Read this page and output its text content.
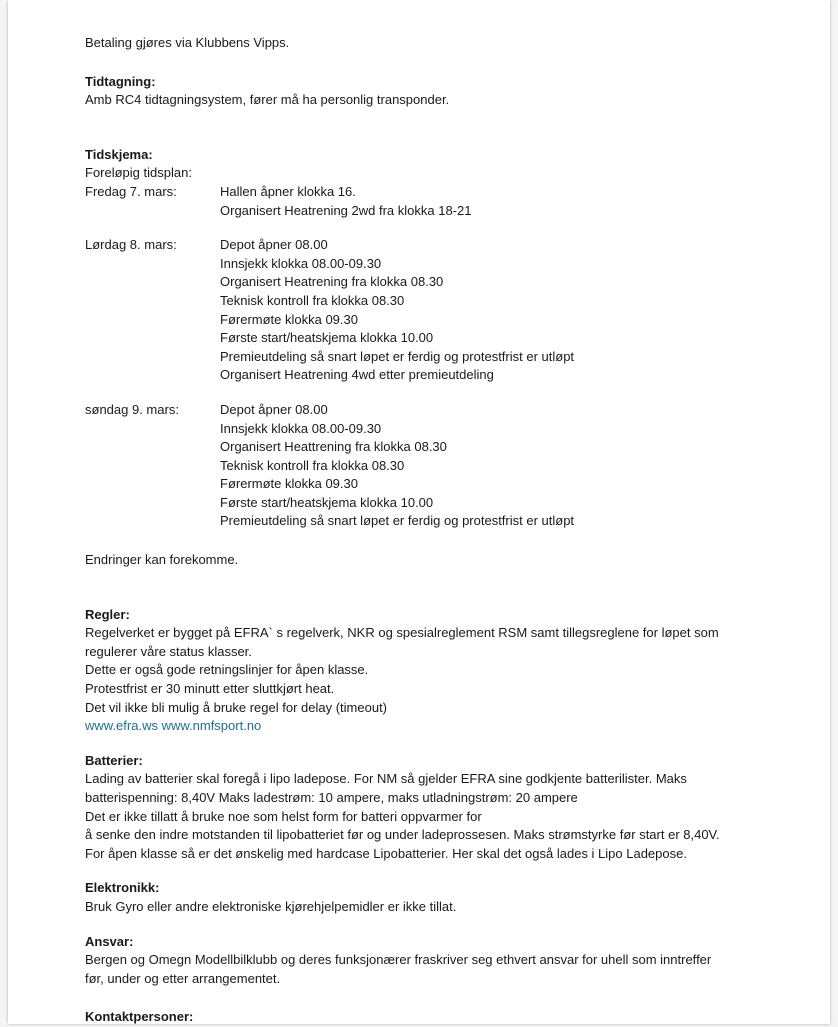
Betaling gjøres via Klubbens Vipps.

Tidtagning:

Amb RC4 tidtagningsystem, fører må ha personlig transponder.

Tidskjema:

Foreløpig tidsplan:

Fredag 7. mars:	Hallen åpner klokka 16.
Organisert Heatrening 2wd fra klokka 18-21
Lørdag 8. mars:	Depot åpner 08.00
Innsjekk klokka 08.00-09.30
Organisert Heatrening fra klokka 08.30
Teknisk kontroll fra klokka 08.30
Førermøte klokka 09.30
Første start/heatskjema klokka 10.00
Premieutdeling så snart løpet er ferdig og protestfrist er utløpt
Organisert Heatrening 4wd etter premieutdeling
søndag 9. mars:	Depot åpner 08.00
Innsjekk klokka 08.00-09.30
Organisert Heattrening fra klokka 08.30
Teknisk kontroll fra klokka 08.30
Førermøte klokka 09.30
Første start/heatskjema klokka 10.00
Premieutdeling så snart løpet er ferdig og protestfrist er utløpt

Endringer kan forekomme.

Regler:

Regelverket er bygget på EFRA` s regelverk, NKR og spesialreglement RSM samt tillegsreglene for løpet som

regulerer våre status klasser.

Dette er også gode retningslinjer for åpen klasse.

Protestfrist er 30 minutt etter sluttkjørt heat.

Det vil ikke bli mulig å bruke regel for delay (timeout)

www.efra.ws www.nmfsport.no

Batterier:

Lading av batterier skal foregå i lipo ladepose. For NM så gjelder EFRA sine godkjente batterilister. Maks

batterispenning: 8,40V Maks ladestrøm: 10 ampere, maks utladningstrøm: 20 ampere

Det er ikke tillatt å bruke noe som helst form for batteri oppvarmer for

å senke den indre motstanden til lipobatteriet før og under ladeprossesen. Maks strømstyrke før start er 8,40V.

For åpen klasse så er det ønskelig med hardcase Lipobatterier. Her skal det også lades i Lipo Ladepose.

Elektronikk:

Bruk Gyro eller andre elektroniske kjørehjelpemidler er ikke tillat.

Ansvar:

Bergen og Omegn Modellbilklubb og deres funksjonærer fraskriver seg ethvert ansvar for uhell som inntreffer

før, under og etter arrangementet.

Kontaktpersoner:
